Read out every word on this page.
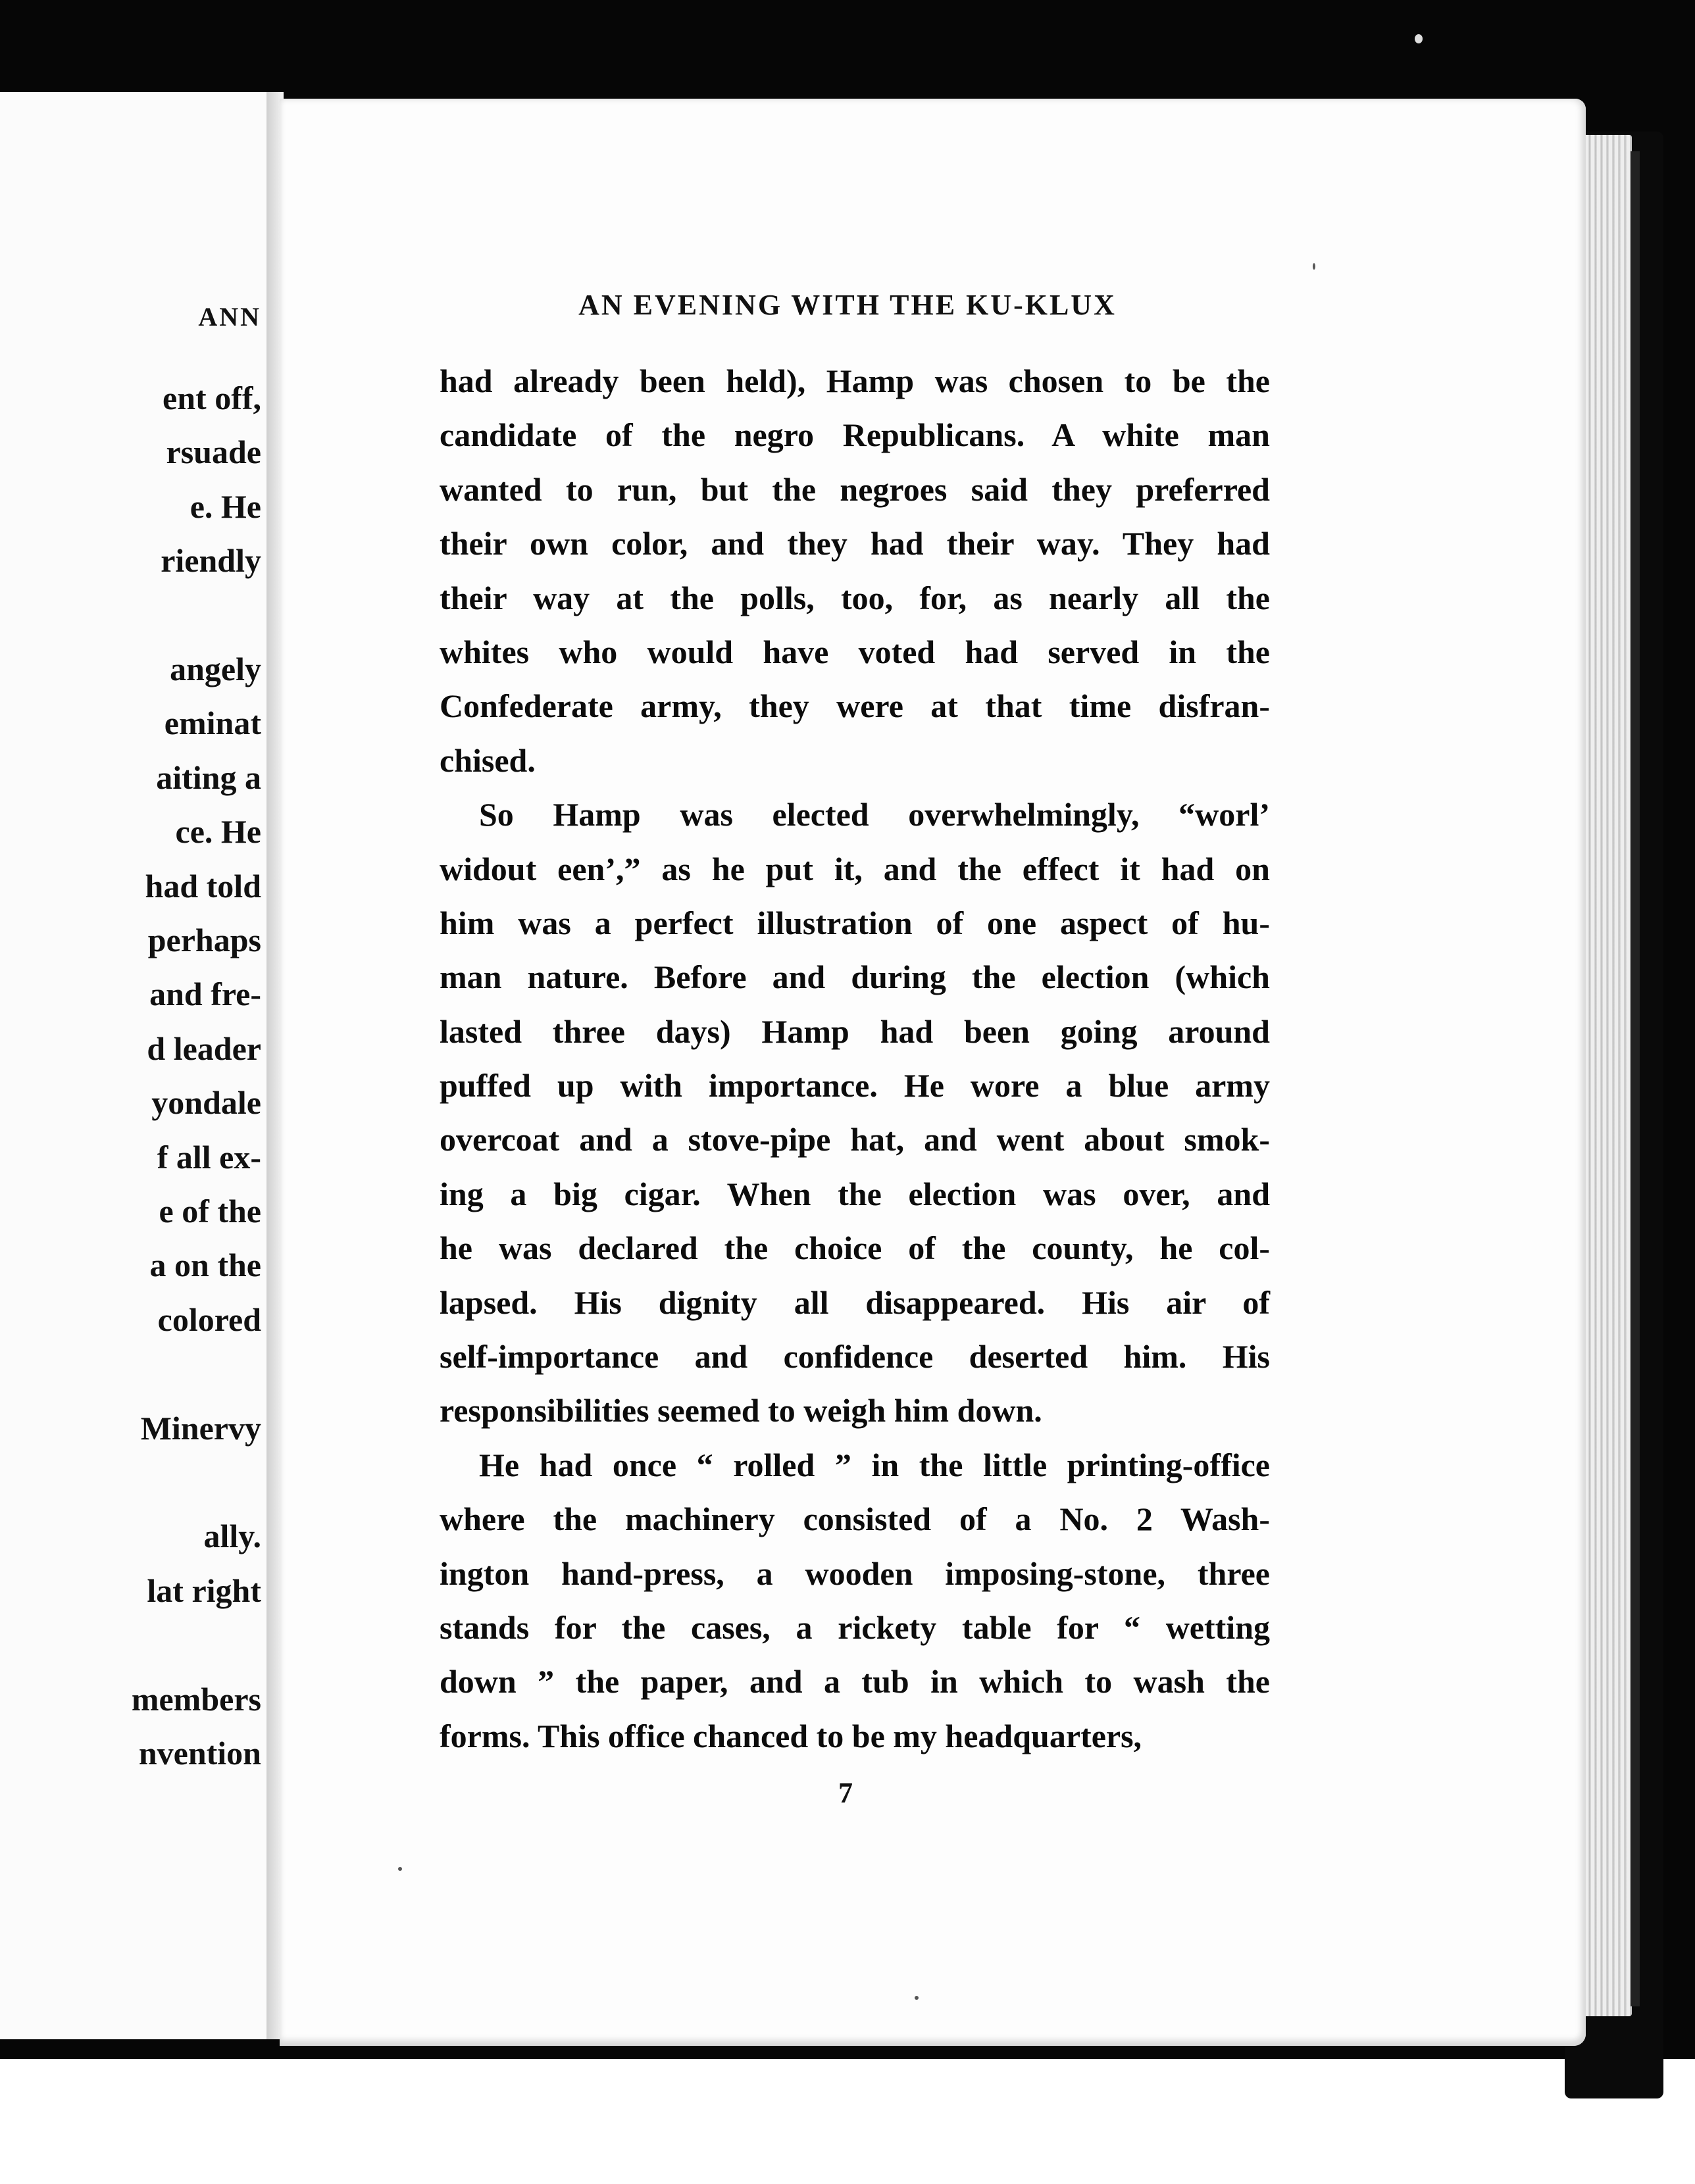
ANN
ent off,
rsuade
e. He
riendly
angely
eminat
aiting a
ce. He
had told
perhaps
and fre-
d leader
yondale
f all ex-
e of the
a on the
colored
Minervy
ally.
lat right
members
nvention
AN EVENING WITH THE KU-KLUX
had already been held), Hamp was chosen to be the
candidate of the negro Republicans. A white man
wanted to run, but the negroes said they preferred
their own color, and they had their way. They had
their way at the polls, too, for, as nearly all the
whites who would have voted had served in the
Confederate army, they were at that time disfran-
chised.
So Hamp was elected overwhelmingly, “worl’
widout een’,” as he put it, and the effect it had on
him was a perfect illustration of one aspect of hu-
man nature. Before and during the election (which
lasted three days) Hamp had been going around
puffed up with importance. He wore a blue army
overcoat and a stove-pipe hat, and went about smok-
ing a big cigar. When the election was over, and
he was declared the choice of the county, he col-
lapsed. His dignity all disappeared. His air of
self-importance and confidence deserted him. His
responsibilities seemed to weigh him down.
He had once “ rolled ” in the little printing-office
where the machinery consisted of a No. 2 Wash-
ington hand-press, a wooden imposing-stone, three
stands for the cases, a rickety table for “ wetting
down ” the paper, and a tub in which to wash the
forms. This office chanced to be my headquarters,
7
